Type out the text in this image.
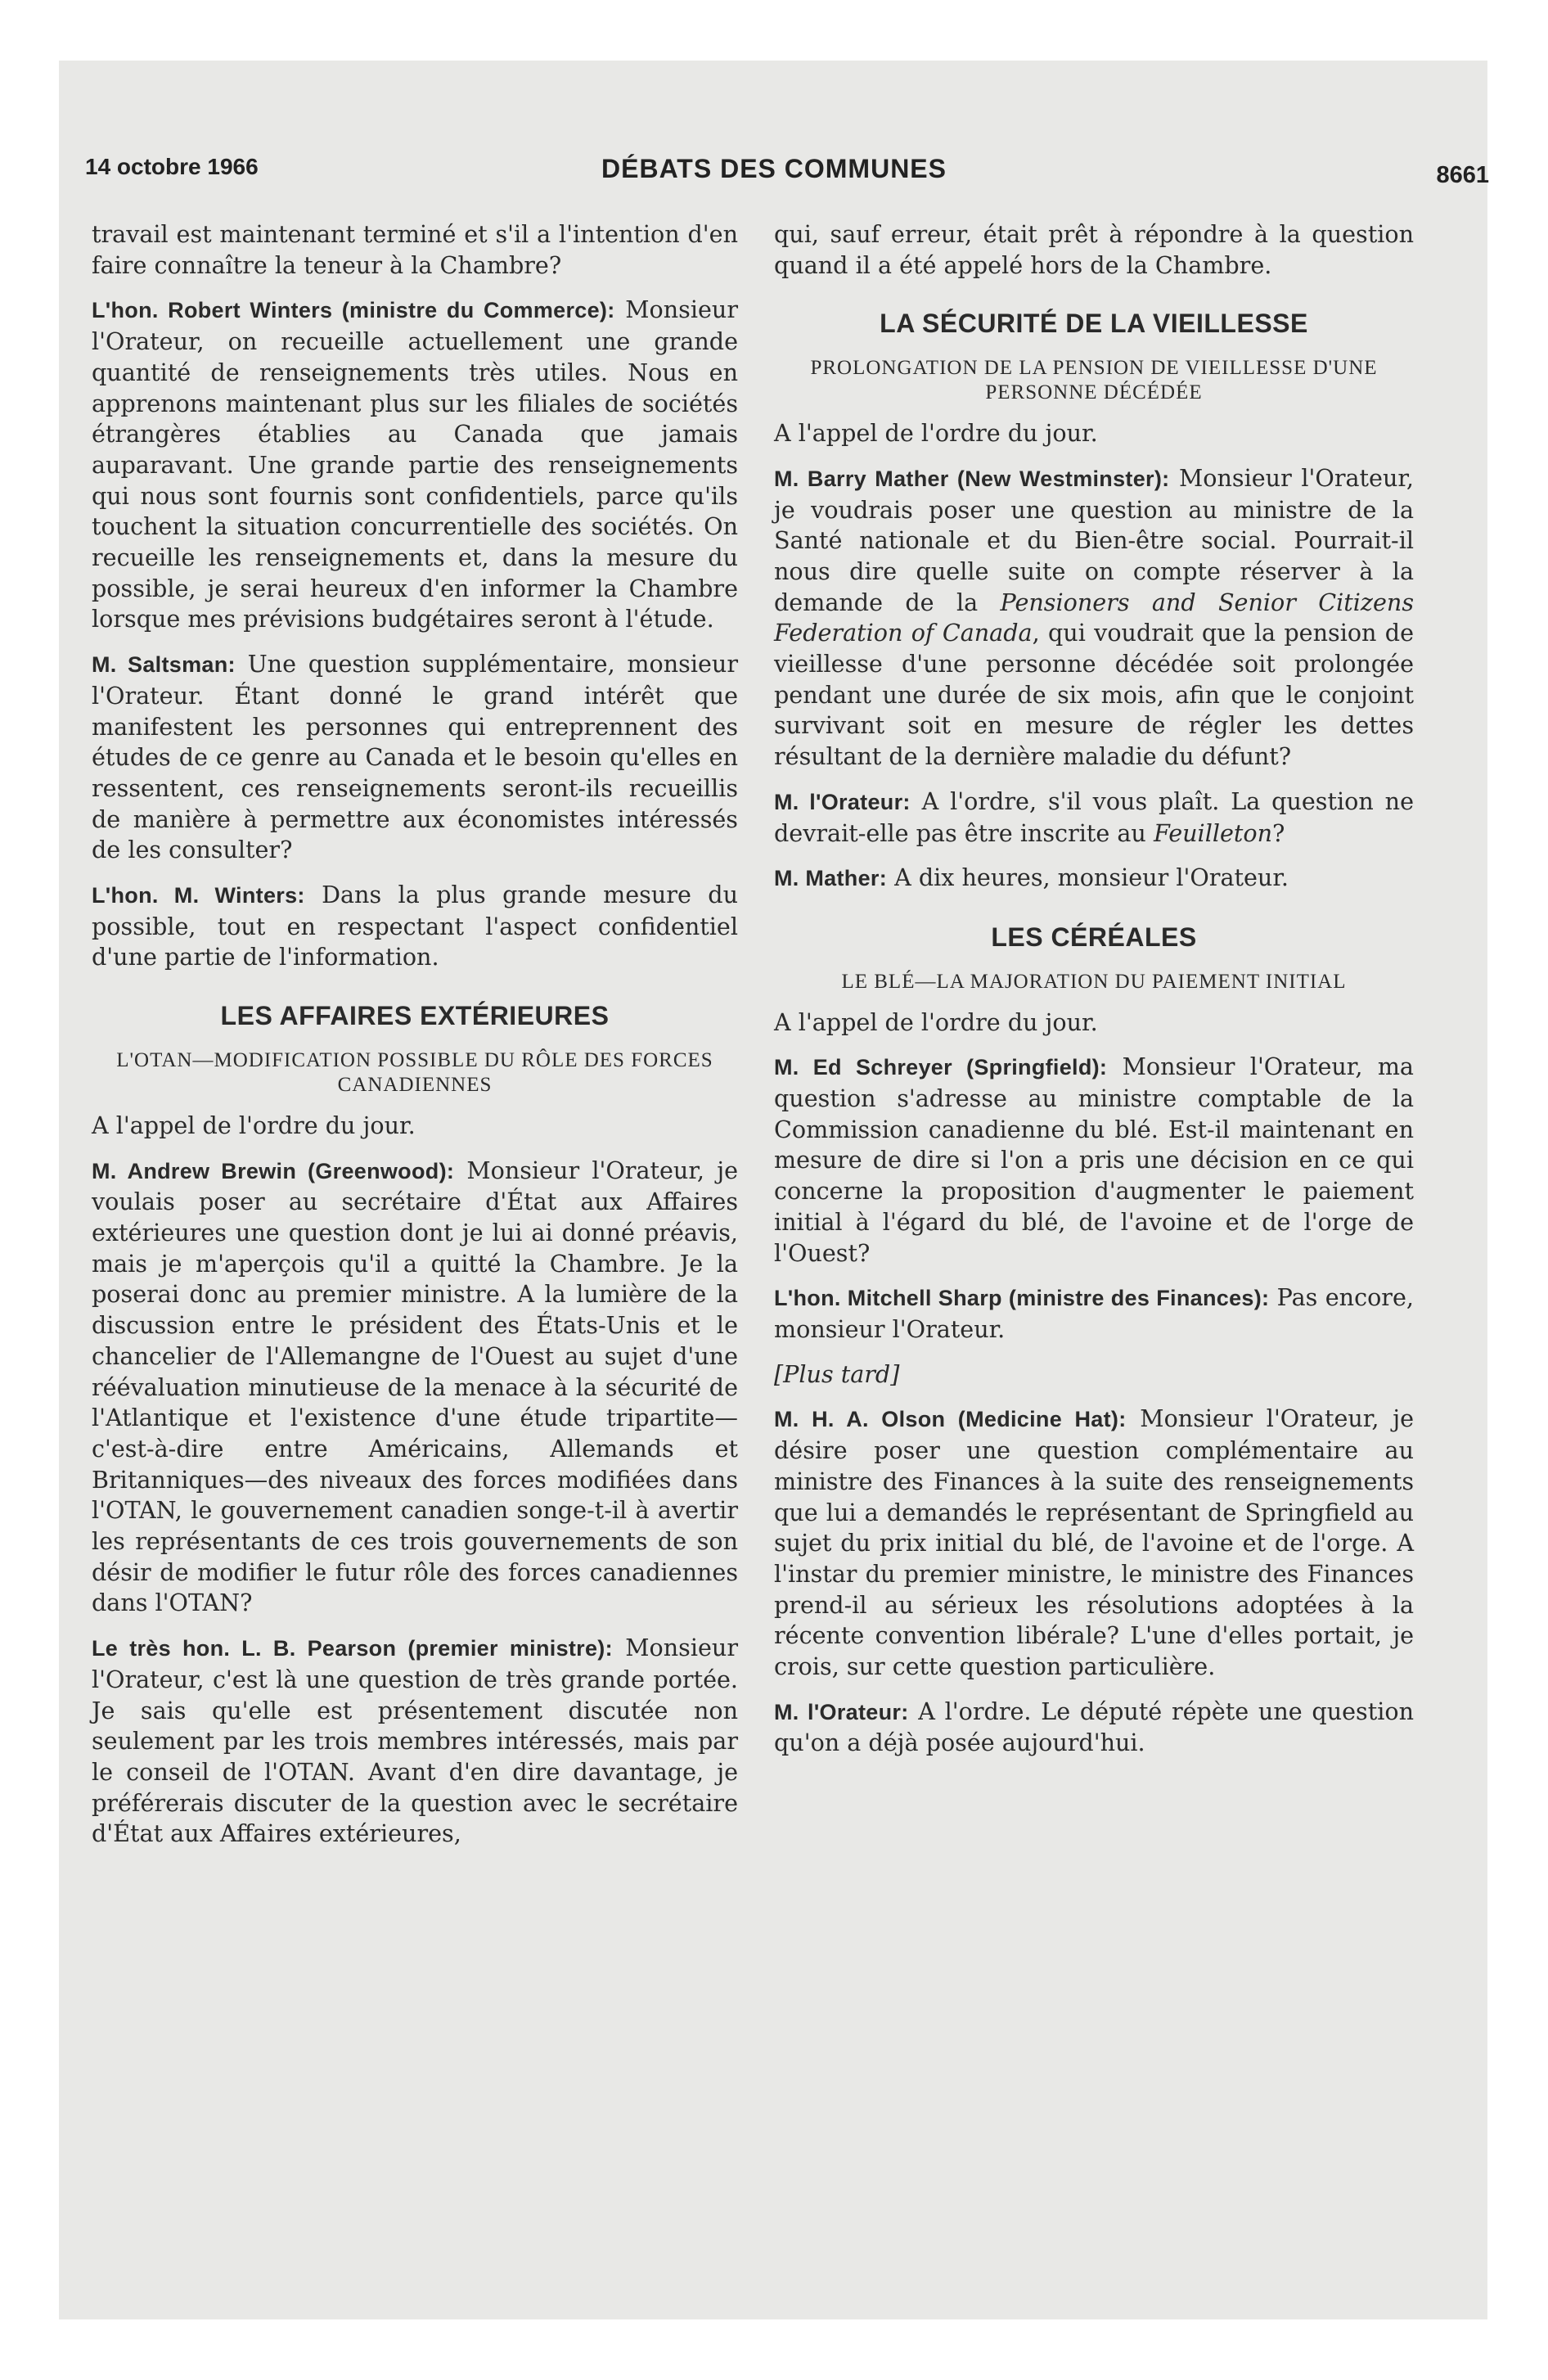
14 octobre 1966	DÉBATS DES COMMUNES	8661

travail est maintenant terminé et s'il a l'intention d'en faire connaître la teneur à la Chambre?

L'hon. Robert Winters (ministre du Commerce): Monsieur l'Orateur, on recueille actuellement une grande quantité de renseignements très utiles. Nous en apprenons maintenant plus sur les filiales de sociétés étrangères établies au Canada que jamais auparavant. Une grande partie des renseignements qui nous sont fournis sont confidentiels, parce qu'ils touchent la situation concurrentielle des sociétés. On recueille les renseignements et, dans la mesure du possible, je serai heureux d'en informer la Chambre lorsque mes prévisions budgétaires seront à l'étude.

M. Saltsman: Une question supplémentaire, monsieur l'Orateur. Étant donné le grand intérêt que manifestent les personnes qui entreprennent des études de ce genre au Canada et le besoin qu'elles en ressentent, ces renseignements seront-ils recueillis de manière à permettre aux économistes intéressés de les consulter?

L'hon. M. Winters: Dans la plus grande mesure du possible, tout en respectant l'aspect confidentiel d'une partie de l'information.

LES AFFAIRES EXTÉRIEURES
L'OTAN—MODIFICATION POSSIBLE DU RÔLE DES FORCES CANADIENNES

A l'appel de l'ordre du jour.

M. Andrew Brewin (Greenwood): Monsieur l'Orateur, je voulais poser au secrétaire d'État aux Affaires extérieures une question dont je lui ai donné préavis, mais je m'aperçois qu'il a quitté la Chambre. Je la poserai donc au premier ministre. A la lumière de la discussion entre le président des États-Unis et le chancelier de l'Allemangne de l'Ouest au sujet d'une réévaluation minutieuse de la menace à la sécurité de l'Atlantique et l'existence d'une étude tripartite—c'est-à-dire entre Américains, Allemands et Britanniques—des niveaux des forces modifiées dans l'OTAN, le gouvernement canadien songe-t-il à avertir les représentants de ces trois gouvernements de son désir de modifier le futur rôle des forces canadiennes dans l'OTAN?

Le très hon. L. B. Pearson (premier ministre): Monsieur l'Orateur, c'est là une question de très grande portée. Je sais qu'elle est présentement discutée non seulement par les trois membres intéressés, mais par le conseil de l'OTAN. Avant d'en dire davantage, je préférerais discuter de la question avec le secrétaire d'État aux Affaires extérieures,

qui, sauf erreur, était prêt à répondre à la question quand il a été appelé hors de la Chambre.

LA SÉCURITÉ DE LA VIEILLESSE
PROLONGATION DE LA PENSION DE VIEILLESSE D'UNE PERSONNE DÉCÉDÉE

A l'appel de l'ordre du jour.

M. Barry Mather (New Westminster): Monsieur l'Orateur, je voudrais poser une question au ministre de la Santé nationale et du Bien-être social. Pourrait-il nous dire quelle suite on compte réserver à la demande de la Pensioners and Senior Citizens Federation of Canada, qui voudrait que la pension de vieillesse d'une personne décédée soit prolongée pendant une durée de six mois, afin que le conjoint survivant soit en mesure de régler les dettes résultant de la dernière maladie du défunt?

M. l'Orateur: A l'ordre, s'il vous plaît. La question ne devrait-elle pas être inscrite au Feuilleton?

M. Mather: A dix heures, monsieur l'Orateur.

LES CÉRÉALES
LE BLÉ—LA MAJORATION DU PAIEMENT INITIAL

A l'appel de l'ordre du jour.

M. Ed Schreyer (Springfield): Monsieur l'Orateur, ma question s'adresse au ministre comptable de la Commission canadienne du blé. Est-il maintenant en mesure de dire si l'on a pris une décision en ce qui concerne la proposition d'augmenter le paiement initial à l'égard du blé, de l'avoine et de l'orge de l'Ouest?

L'hon. Mitchell Sharp (ministre des Finances): Pas encore, monsieur l'Orateur.

[Plus tard]

M. H. A. Olson (Medicine Hat): Monsieur l'Orateur, je désire poser une question complémentaire au ministre des Finances à la suite des renseignements que lui a demandés le représentant de Springfield au sujet du prix initial du blé, de l'avoine et de l'orge. A l'instar du premier ministre, le ministre des Finances prend-il au sérieux les résolutions adoptées à la récente convention libérale? L'une d'elles portait, je crois, sur cette question particulière.

M. l'Orateur: A l'ordre. Le député répète une question qu'on a déjà posée aujourd'hui.
